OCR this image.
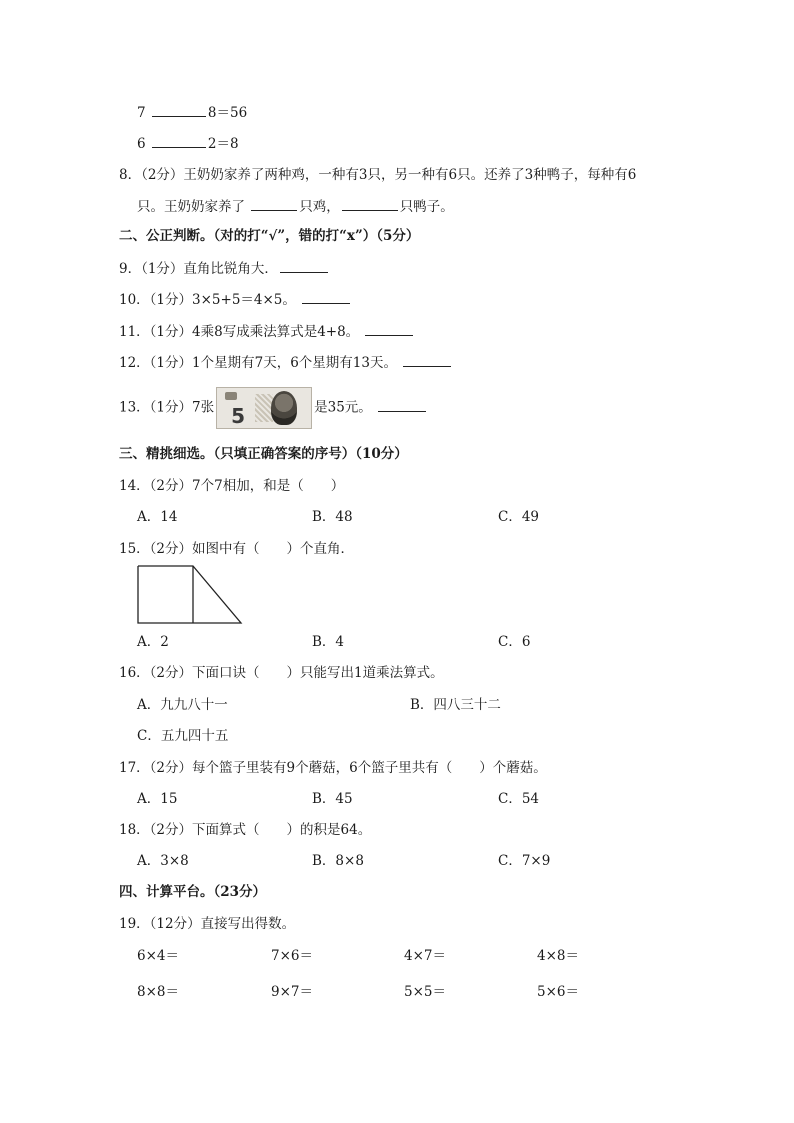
7	8＝56
6	2＝8
8．（2分）王奶奶家养了两种鸡，一种有3只，另一种有6只。还养了3种鸭子，每种有6
只。王奶奶家养了	只鸡，	只鸭子。
二、公正判断。（对的打“√”，错的打“x”）（5分）
9．（1分）直角比锐角大．
10．（1分）3×5+5＝4×5。
11．（1分）4乘8写成乘法算式是4+8。
12．（1分）1个星期有7天，6个星期有13天。
13．（1分）7张 5	是35元。
三、精挑细选。（只填正确答案的序号）（10分）
14．（2分）7个7相加，和是（　　）
A．14	B．48	C．49
15．（2分）如图中有（　　）个直角．
A．2	B．4	C．6
16．（2分）下面口诀（　　）只能写出1道乘法算式。
A．九九八十一	B．四八三十二
C．五九四十五
17．（2分）每个篮子里装有9个蘑菇，6个篮子里共有（　　）个蘑菇。
A．15	B．45	C．54
18．（2分）下面算式（　　）的积是64。
A．3×8	B．8×8	C．7×9
四、计算平台。（23分）
19．（12分）直接写出得数。
6×4＝	7×6＝	4×7＝	4×8＝
8×8＝	9×7＝	5×5＝	5×6＝
